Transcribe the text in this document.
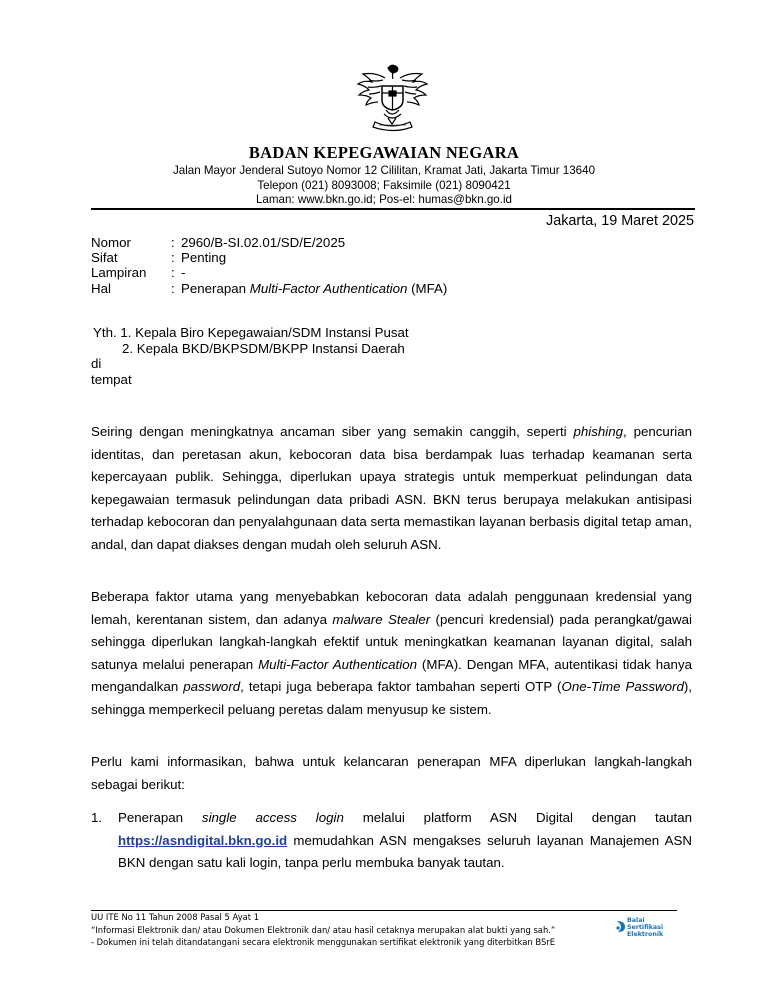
BADAN KEPEGAWAIAN NEGARA
Jalan Mayor Jenderal Sutoyo Nomor 12 Cililitan, Kramat Jati, Jakarta Timur 13640
Telepon (021) 8093008; Faksimile (021) 8090421
Laman: www.bkn.go.id; Pos-el: humas@bkn.go.id
Jakarta, 19 Maret 2025
Nomor	: 2960/B-SI.02.01/SD/E/2025
Sifat	: Penting
Lampiran	: -
Hal	: Penerapan Multi-Factor Authentication (MFA)
Yth. 1. Kepala Biro Kepegawaian/SDM Instansi Pusat
2. Kepala BKD/BKPSDM/BKPP Instansi Daerah
di
tempat

Seiring dengan meningkatnya ancaman siber yang semakin canggih, seperti phishing, pencurian identitas, dan peretasan akun, kebocoran data bisa berdampak luas terhadap keamanan serta kepercayaan publik. Sehingga, diperlukan upaya strategis untuk memperkuat pelindungan data kepegawaian termasuk pelindungan data pribadi ASN. BKN terus berupaya melakukan antisipasi terhadap kebocoran dan penyalahgunaan data serta memastikan layanan berbasis digital tetap aman, andal, dan dapat diakses dengan mudah oleh seluruh ASN.

Beberapa faktor utama yang menyebabkan kebocoran data adalah penggunaan kredensial yang lemah, kerentanan sistem, dan adanya malware Stealer (pencuri kredensial) pada perangkat/gawai sehingga diperlukan langkah-langkah efektif untuk meningkatkan keamanan layanan digital, salah satunya melalui penerapan Multi-Factor Authentication (MFA). Dengan MFA, autentikasi tidak hanya mengandalkan password, tetapi juga beberapa faktor tambahan seperti OTP (One-Time Password), sehingga memperkecil peluang peretas dalam menyusup ke sistem.

Perlu kami informasikan, bahwa untuk kelancaran penerapan MFA diperlukan langkah-langkah sebagai berikut:
1. Penerapan single access login melalui platform ASN Digital dengan tautan https://asndigital.bkn.go.id memudahkan ASN mengakses seluruh layanan Manajemen ASN BKN dengan satu kali login, tanpa perlu membuka banyak tautan.
UU ITE No 11 Tahun 2008 Pasal 5 Ayat 1
“Informasi Elektronik dan/ atau Dokumen Elektronik dan/ atau hasil cetaknya merupakan alat bukti yang sah.”
- Dokumen ini telah ditandatangani secara elektronik menggunakan sertifikat elektronik yang diterbitkan BSrE
Balai
Sertifikasi
Elektronik
